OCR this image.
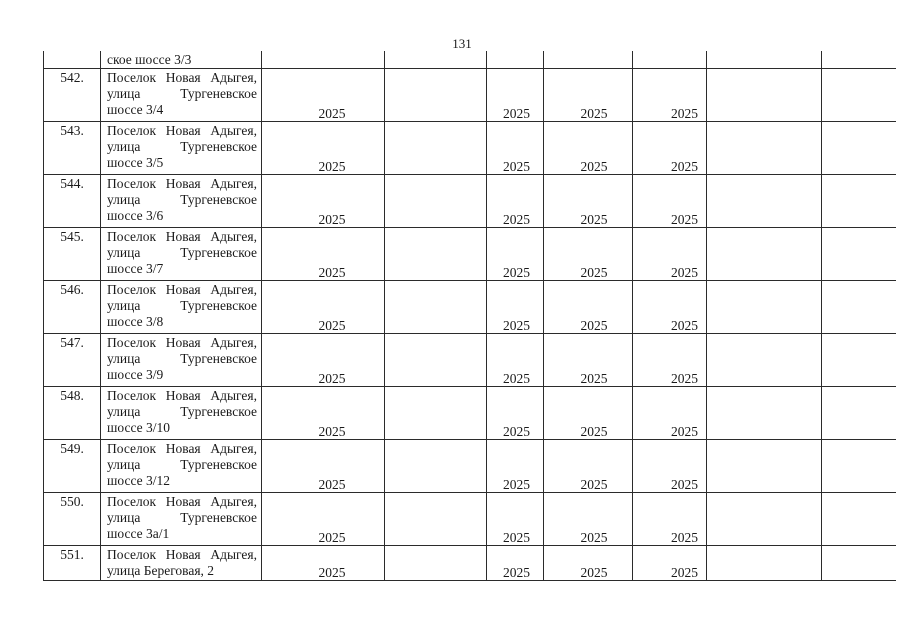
131
	ское шоссе 3/3							
542.	Поселок Новая Адыгея, улица Тургеневское шоссе 3/4	2025		2025	2025	2025		
543.	Поселок Новая Адыгея, улица Тургеневское шоссе 3/5	2025		2025	2025	2025		
544.	Поселок Новая Адыгея, улица Тургеневское шоссе 3/6	2025		2025	2025	2025		
545.	Поселок Новая Адыгея, улица Тургеневское шоссе 3/7	2025		2025	2025	2025		
546.	Поселок Новая Адыгея, улица Тургеневское шоссе 3/8	2025		2025	2025	2025		
547.	Поселок Новая Адыгея, улица Тургеневское шоссе 3/9	2025		2025	2025	2025		
548.	Поселок Новая Адыгея, улица Тургеневское шоссе 3/10	2025		2025	2025	2025		
549.	Поселок Новая Адыгея, улица Тургеневское шоссе 3/12	2025		2025	2025	2025		
550.	Поселок Новая Адыгея, улица Тургеневское шоссе 3а/1	2025		2025	2025	2025		
551.	Поселок Новая Адыгея, улица Береговая, 2	2025		2025	2025	2025		
